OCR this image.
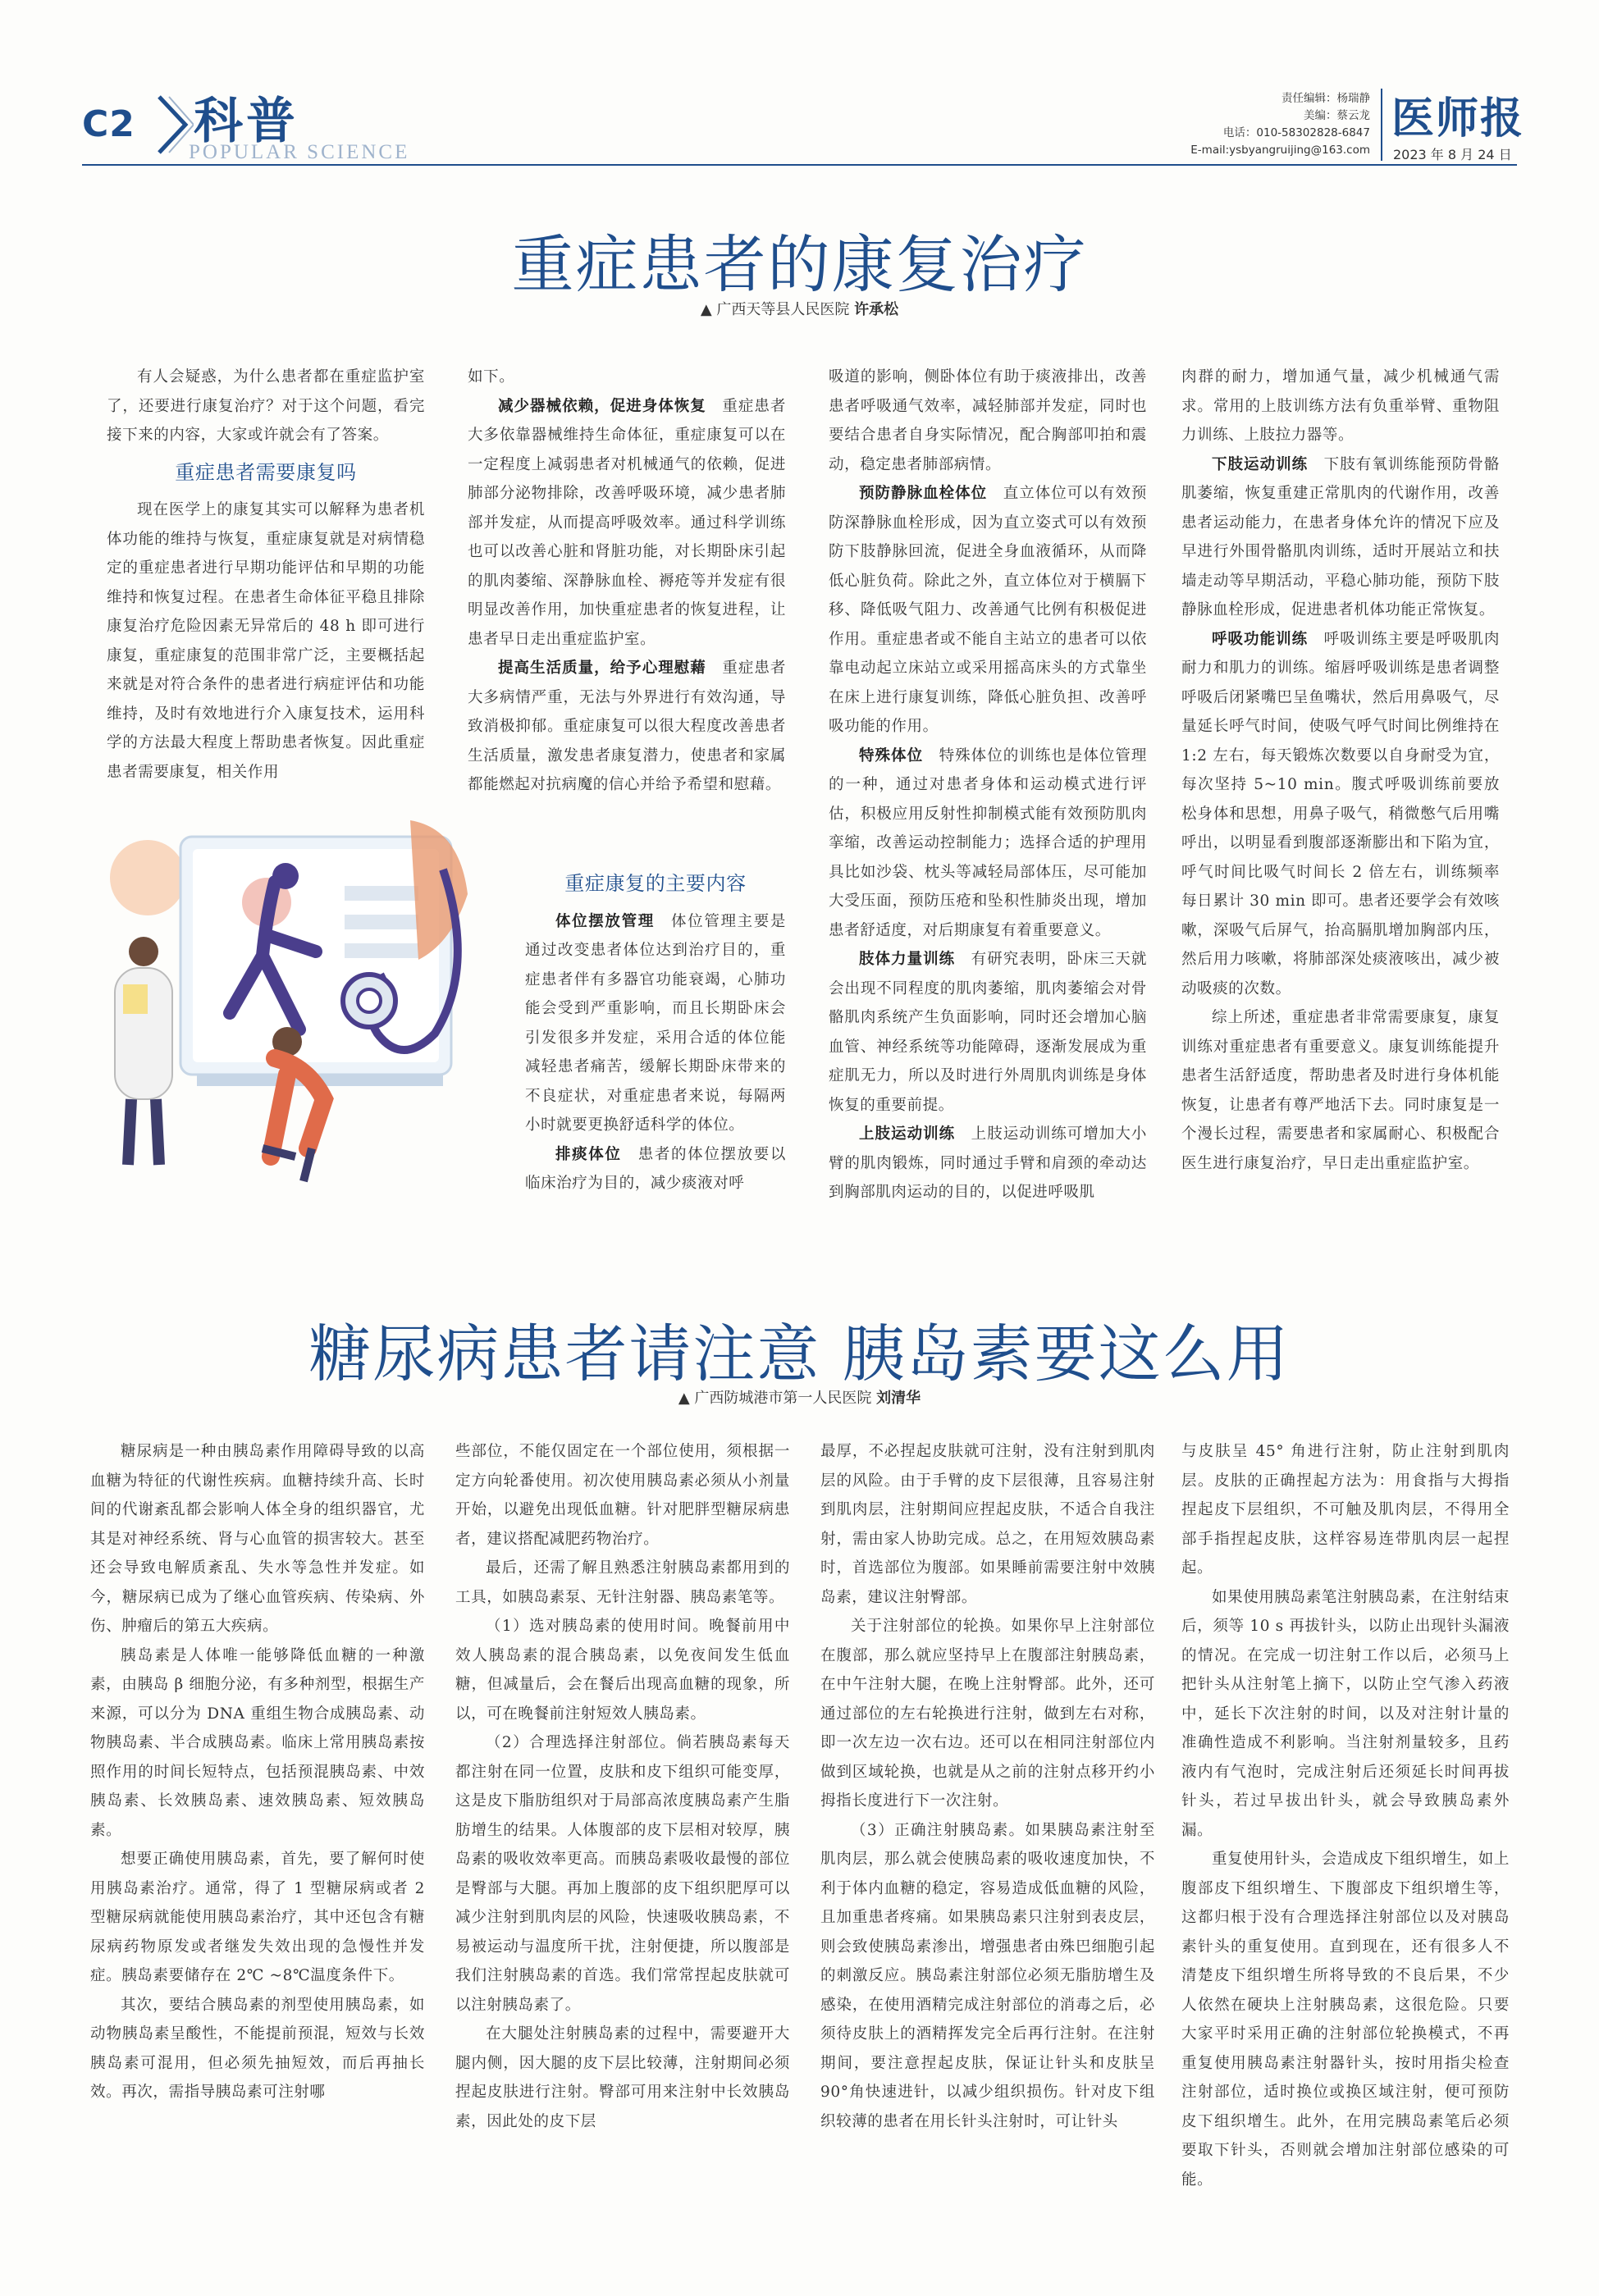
C2 科普
POPULAR SCIENCE
责任编辑：杨瑞静
美编：蔡云龙
电话：010-58302828-6847
E-mail:ysbyangruijing@163.com
医师报
2023 年 8 月 24 日
重症患者的康复治疗
▲ 广西天等县人民医院 许承松

有人会疑惑，为什么患者都在重症监护室了，还要进行康复治疗？对于这个问题，看完接下来的内容，大家或许就会有了答案。

重症患者需要康复吗

现在医学上的康复其实可以解释为患者机体功能的维持与恢复，重症康复就是对病情稳定的重症患者进行早期功能评估和早期的功能维持和恢复过程。在患者生命体征平稳且排除康复治疗危险因素无异常后的 48 h 即可进行康复，重症康复的范围非常广泛，主要概括起来就是对符合条件的患者进行病症评估和功能维持，及时有效地进行介入康复技术，运用科学的方法最大程度上帮助患者恢复。因此重症患者需要康复，相关作用

如下。

减少器械依赖，促进身体恢复　 重症患者大多依靠器械维持生命体征，重症康复可以在一定程度上减弱患者对机械通气的依赖，促进肺部分泌物排除，改善呼吸环境，减少患者肺部并发症，从而提高呼吸效率。通过科学训练也可以改善心脏和肾脏功能，对长期卧床引起的肌肉萎缩、深静脉血栓、褥疮等并发症有很明显改善作用，加快重症患者的恢复进程，让患者早日走出重症监护室。

提高生活质量，给予心理慰藉　 重症患者大多病情严重，无法与外界进行有效沟通，导致消极抑郁。重症康复可以很大程度改善患者生活质量，激发患者康复潜力，使患者和家属都能燃起对抗病魔的信心并给予希望和慰藉。

重症康复的主要内容

体位摆放管理　 体位管理主要是通过改变患者体位达到治疗目的，重症患者伴有多器官功能衰竭，心肺功能会受到严重影响，而且长期卧床会引发很多并发症，采用合适的体位能减轻患者痛苦，缓解长期卧床带来的不良症状，对重症患者来说，每隔两小时就要更换舒适科学的体位。

排痰体位　 患者的体位摆放要以临床治疗为目的，减少痰液对呼

吸道的影响，侧卧体位有助于痰液排出，改善患者呼吸通气效率，减轻肺部并发症，同时也要结合患者自身实际情况，配合胸部叩拍和震动，稳定患者肺部病情。

预防静脉血栓体位　 直立体位可以有效预防深静脉血栓形成，因为直立姿式可以有效预防下肢静脉回流，促进全身血液循环，从而降低心脏负荷。除此之外，直立体位对于横膈下移、降低吸气阻力、改善通气比例有积极促进作用。重症患者或不能自主站立的患者可以依靠电动起立床站立或采用摇高床头的方式靠坐在床上进行康复训练，降低心脏负担、改善呼吸功能的作用。

特殊体位　 特殊体位的训练也是体位管理的一种，通过对患者身体和运动模式进行评估，积极应用反射性抑制模式能有效预防肌肉挛缩，改善运动控制能力；选择合适的护理用具比如沙袋、枕头等减轻局部体压，尽可能加大受压面，预防压疮和坠积性肺炎出现，增加患者舒适度，对后期康复有着重要意义。

肢体力量训练　 有研究表明，卧床三天就会出现不同程度的肌肉萎缩，肌肉萎缩会对骨骼肌肉系统产生负面影响，同时还会增加心脑血管、神经系统等功能障碍，逐渐发展成为重症肌无力，所以及时进行外周肌肉训练是身体恢复的重要前提。

上肢运动训练　 上肢运动训练可增加大小臂的肌肉锻炼，同时通过手臂和肩颈的牵动达到胸部肌肉运动的目的，以促进呼吸肌

肉群的耐力，增加通气量，减少机械通气需求。常用的上肢训练方法有负重举臂、重物阻力训练、上肢拉力器等。

下肢运动训练　 下肢有氧训练能预防骨骼肌萎缩，恢复重建正常肌肉的代谢作用，改善患者运动能力，在患者身体允许的情况下应及早进行外围骨骼肌肉训练，适时开展站立和扶墙走动等早期活动，平稳心肺功能，预防下肢静脉血栓形成，促进患者机体功能正常恢复。

呼吸功能训练　 呼吸训练主要是呼吸肌肉耐力和肌力的训练。缩唇呼吸训练是患者调整呼吸后闭紧嘴巴呈鱼嘴状，然后用鼻吸气，尽量延长呼气时间，使吸气呼气时间比例维持在 1:2 左右，每天锻炼次数要以自身耐受为宜，每次坚持 5~10 min。腹式呼吸训练前要放松身体和思想，用鼻子吸气，稍微憋气后用嘴呼出，以明显看到腹部逐渐膨出和下陷为宜，呼气时间比吸气时间长 2 倍左右，训练频率每日累计 30 min 即可。患者还要学会有效咳嗽，深吸气后屏气，抬高膈肌增加胸部内压，然后用力咳嗽，将肺部深处痰液咳出，减少被动吸痰的次数。

综上所述，重症患者非常需要康复，康复训练对重症患者有重要意义。康复训练能提升患者生活舒适度，帮助患者及时进行身体机能恢复，让患者有尊严地活下去。同时康复是一个漫长过程，需要患者和家属耐心、积极配合医生进行康复治疗，早日走出重症监护室。

糖尿病患者请注意 胰岛素要这么用
▲ 广西防城港市第一人民医院 刘清华

糖尿病是一种由胰岛素作用障碍导致的以高血糖为特征的代谢性疾病。血糖持续升高、长时间的代谢紊乱都会影响人体全身的组织器官，尤其是对神经系统、肾与心血管的损害较大。甚至还会导致电解质紊乱、失水等急性并发症。如今，糖尿病已成为了继心血管疾病、传染病、外伤、肿瘤后的第五大疾病。

胰岛素是人体唯一能够降低血糖的一种激素，由胰岛 β 细胞分泌，有多种剂型，根据生产来源，可以分为 DNA 重组生物合成胰岛素、动物胰岛素、半合成胰岛素。临床上常用胰岛素按照作用的时间长短特点，包括预混胰岛素、中效胰岛素、长效胰岛素、速效胰岛素、短效胰岛素。

想要正确使用胰岛素，首先，要了解何时使用胰岛素治疗。通常，得了 1 型糖尿病或者 2 型糖尿病就能使用胰岛素治疗，其中还包含有糖尿病药物原发或者继发失效出现的急慢性并发症。胰岛素要储存在 2℃ ~8℃温度条件下。

其次，要结合胰岛素的剂型使用胰岛素，如动物胰岛素呈酸性，不能提前预混，短效与长效胰岛素可混用，但必须先抽短效，而后再抽长效。再次，需指导胰岛素可注射哪

些部位，不能仅固定在一个部位使用，须根据一定方向轮番使用。初次使用胰岛素必须从小剂量开始，以避免出现低血糖。针对肥胖型糖尿病患者，建议搭配减肥药物治疗。

最后，还需了解且熟悉注射胰岛素都用到的工具，如胰岛素泵、无针注射器、胰岛素笔等。

（1）选对胰岛素的使用时间。晚餐前用中效人胰岛素的混合胰岛素，以免夜间发生低血糖，但减量后，会在餐后出现高血糖的现象，所以，可在晚餐前注射短效人胰岛素。

（2）合理选择注射部位。倘若胰岛素每天都注射在同一位置，皮肤和皮下组织可能变厚，这是皮下脂肪组织对于局部高浓度胰岛素产生脂肪增生的结果。人体腹部的皮下层相对较厚，胰岛素的吸收效率更高。而胰岛素吸收最慢的部位是臀部与大腿。再加上腹部的皮下组织肥厚可以减少注射到肌肉层的风险，快速吸收胰岛素，不易被运动与温度所干扰，注射便捷，所以腹部是我们注射胰岛素的首选。我们常常捏起皮肤就可以注射胰岛素了。

在大腿处注射胰岛素的过程中，需要避开大腿内侧，因大腿的皮下层比较薄，注射期间必须捏起皮肤进行注射。臀部可用来注射中长效胰岛素，因此处的皮下层

最厚，不必捏起皮肤就可注射，没有注射到肌肉层的风险。由于手臂的皮下层很薄，且容易注射到肌肉层，注射期间应捏起皮肤，不适合自我注射，需由家人协助完成。总之，在用短效胰岛素时，首选部位为腹部。如果睡前需要注射中效胰岛素，建议注射臀部。

关于注射部位的轮换。如果你早上注射部位在腹部，那么就应坚持早上在腹部注射胰岛素，在中午注射大腿，在晚上注射臀部。此外，还可通过部位的左右轮换进行注射，做到左右对称，即一次左边一次右边。还可以在相同注射部位内做到区域轮换，也就是从之前的注射点移开约小拇指长度进行下一次注射。

（3）正确注射胰岛素。如果胰岛素注射至肌肉层，那么就会使胰岛素的吸收速度加快，不利于体内血糖的稳定，容易造成低血糖的风险，且加重患者疼痛。如果胰岛素只注射到表皮层，则会致使胰岛素渗出，增强患者由殊巴细胞引起的刺激反应。胰岛素注射部位必须无脂肪增生及感染，在使用酒精完成注射部位的消毒之后，必须待皮肤上的酒精挥发完全后再行注射。在注射期间，要注意捏起皮肤，保证让针头和皮肤呈 90°角快速进针，以减少组织损伤。针对皮下组织较薄的患者在用长针头注射时，可让针头

与皮肤呈 45° 角进行注射，防止注射到肌肉层。皮肤的正确捏起方法为：用食指与大拇指捏起皮下层组织，不可触及肌肉层，不得用全部手指捏起皮肤，这样容易连带肌肉层一起捏起。

如果使用胰岛素笔注射胰岛素，在注射结束后，须等 10 s 再拔针头，以防止出现针头漏液的情况。在完成一切注射工作以后，必须马上把针头从注射笔上摘下，以防止空气渗入药液中，延长下次注射的时间，以及对注射计量的准确性造成不利影响。当注射剂量较多，且药液内有气泡时，完成注射后还须延长时间再拔针头，若过早拔出针头，就会导致胰岛素外漏。

重复使用针头，会造成皮下组织增生，如上腹部皮下组织增生、下腹部皮下组织增生等，这都归根于没有合理选择注射部位以及对胰岛素针头的重复使用。直到现在，还有很多人不清楚皮下组织增生所将导致的不良后果，不少人依然在硬块上注射胰岛素，这很危险。只要大家平时采用正确的注射部位轮换模式，不再重复使用胰岛素注射器针头，按时用指尖检查注射部位，适时换位或换区域注射，便可预防皮下组织增生。此外，在用完胰岛素笔后必须要取下针头，否则就会增加注射部位感染的可能。
